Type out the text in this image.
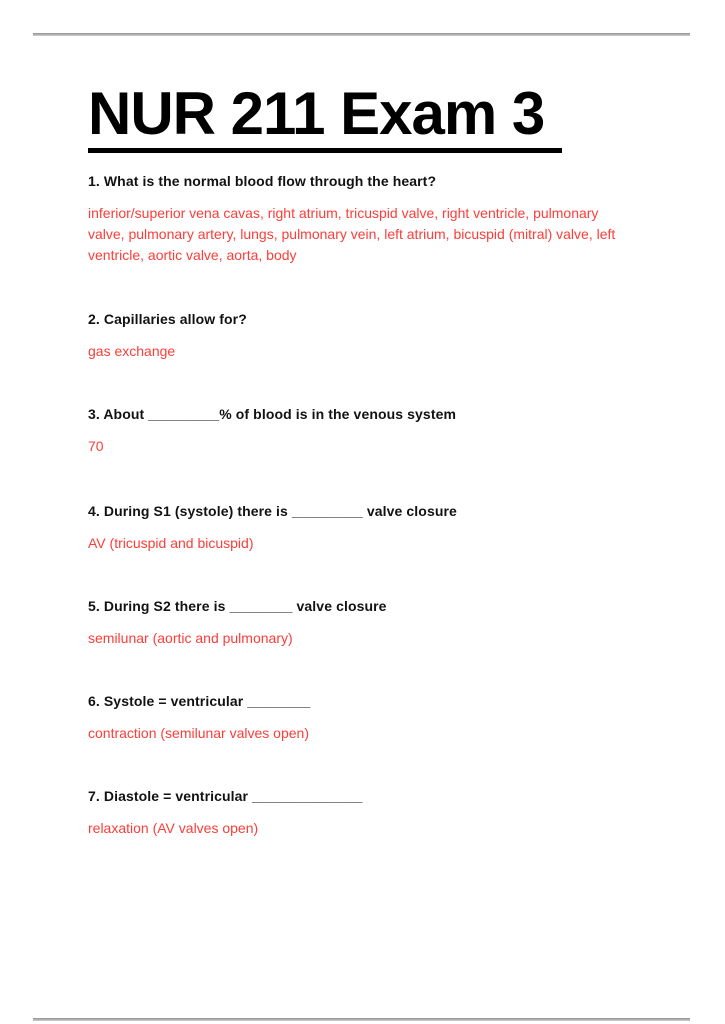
NUR 211 Exam 3

1. What is the normal blood flow through the heart?

inferior/superior vena cavas, right atrium, tricuspid valve, right ventricle, pulmonary valve, pulmonary artery, lungs, pulmonary vein, left atrium, bicuspid (mitral) valve, left ventricle, aortic valve, aorta, body

2. Capillaries allow for?

gas exchange

3. About _________% of blood is in the venous system

70

4. During S1 (systole) there is _________ valve closure

AV (tricuspid and bicuspid)

5. During S2 there is ________ valve closure

semilunar (aortic and pulmonary)

6. Systole = ventricular ________

contraction (semilunar valves open)

7. Diastole = ventricular ______________

relaxation (AV valves open)
